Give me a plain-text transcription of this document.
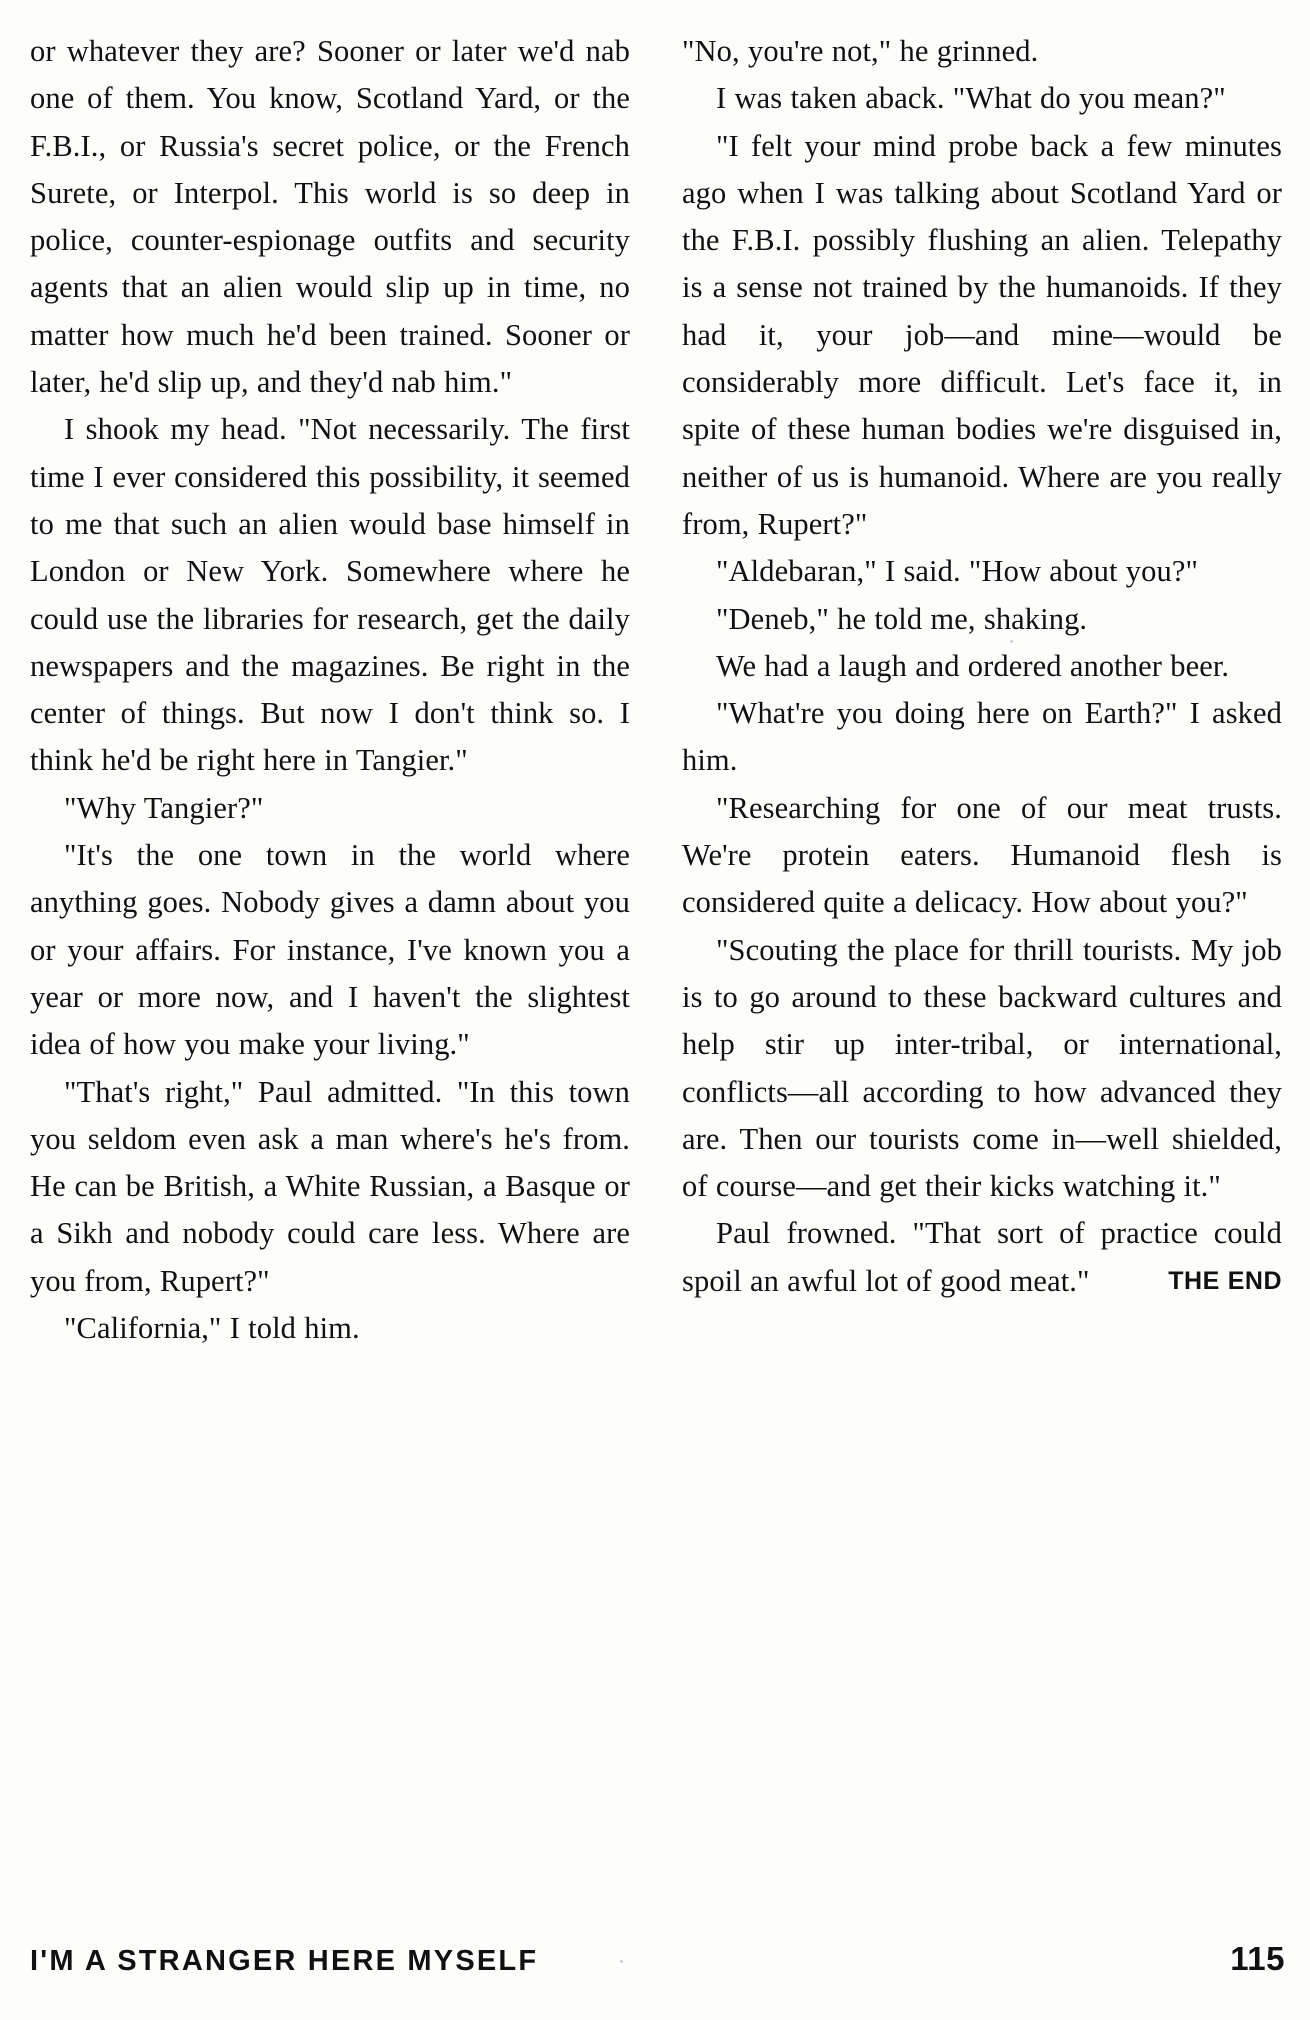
or whatever they are? Sooner or later we'd nab one of them. You know, Scotland Yard, or the F.B.I., or Russia's secret police, or the French Surete, or Interpol. This world is so deep in police, counter-espionage outfits and security agents that an alien would slip up in time, no matter how much he'd been trained. Sooner or later, he'd slip up, and they'd nab him."

I shook my head. "Not necessarily. The first time I ever considered this possibility, it seemed to me that such an alien would base himself in London or New York. Somewhere where he could use the libraries for research, get the daily newspapers and the magazines. Be right in the center of things. But now I don't think so. I think he'd be right here in Tangier."

"Why Tangier?"

"It's the one town in the world where anything goes. Nobody gives a damn about you or your affairs. For instance, I've known you a year or more now, and I haven't the slightest idea of how you make your living."

"That's right," Paul admitted. "In this town you seldom even ask a man where's he's from. He can be British, a White Russian, a Basque or a Sikh and nobody could care less. Where are you from, Rupert?"

"California," I told him.

"No, you're not," he grinned.

I was taken aback. "What do you mean?"

"I felt your mind probe back a few minutes ago when I was talking about Scotland Yard or the F.B.I. possibly flushing an alien. Telepathy is a sense not trained by the humanoids. If they had it, your job—and mine—would be considerably more difficult. Let's face it, in spite of these human bodies we're disguised in, neither of us is humanoid. Where are you really from, Rupert?"

"Aldebaran," I said. "How about you?"

"Deneb," he told me, shaking.

We had a laugh and ordered another beer.

"What're you doing here on Earth?" I asked him.

"Researching for one of our meat trusts. We're protein eaters. Humanoid flesh is considered quite a delicacy. How about you?"

"Scouting the place for thrill tourists. My job is to go around to these backward cultures and help stir up inter-tribal, or international, conflicts—all according to how advanced they are. Then our tourists come in—well shielded, of course—and get their kicks watching it."

Paul frowned. "That sort of practice could spoil an awful lot of good meat."	THE END

I'M A STRANGER HERE MYSELF	115
